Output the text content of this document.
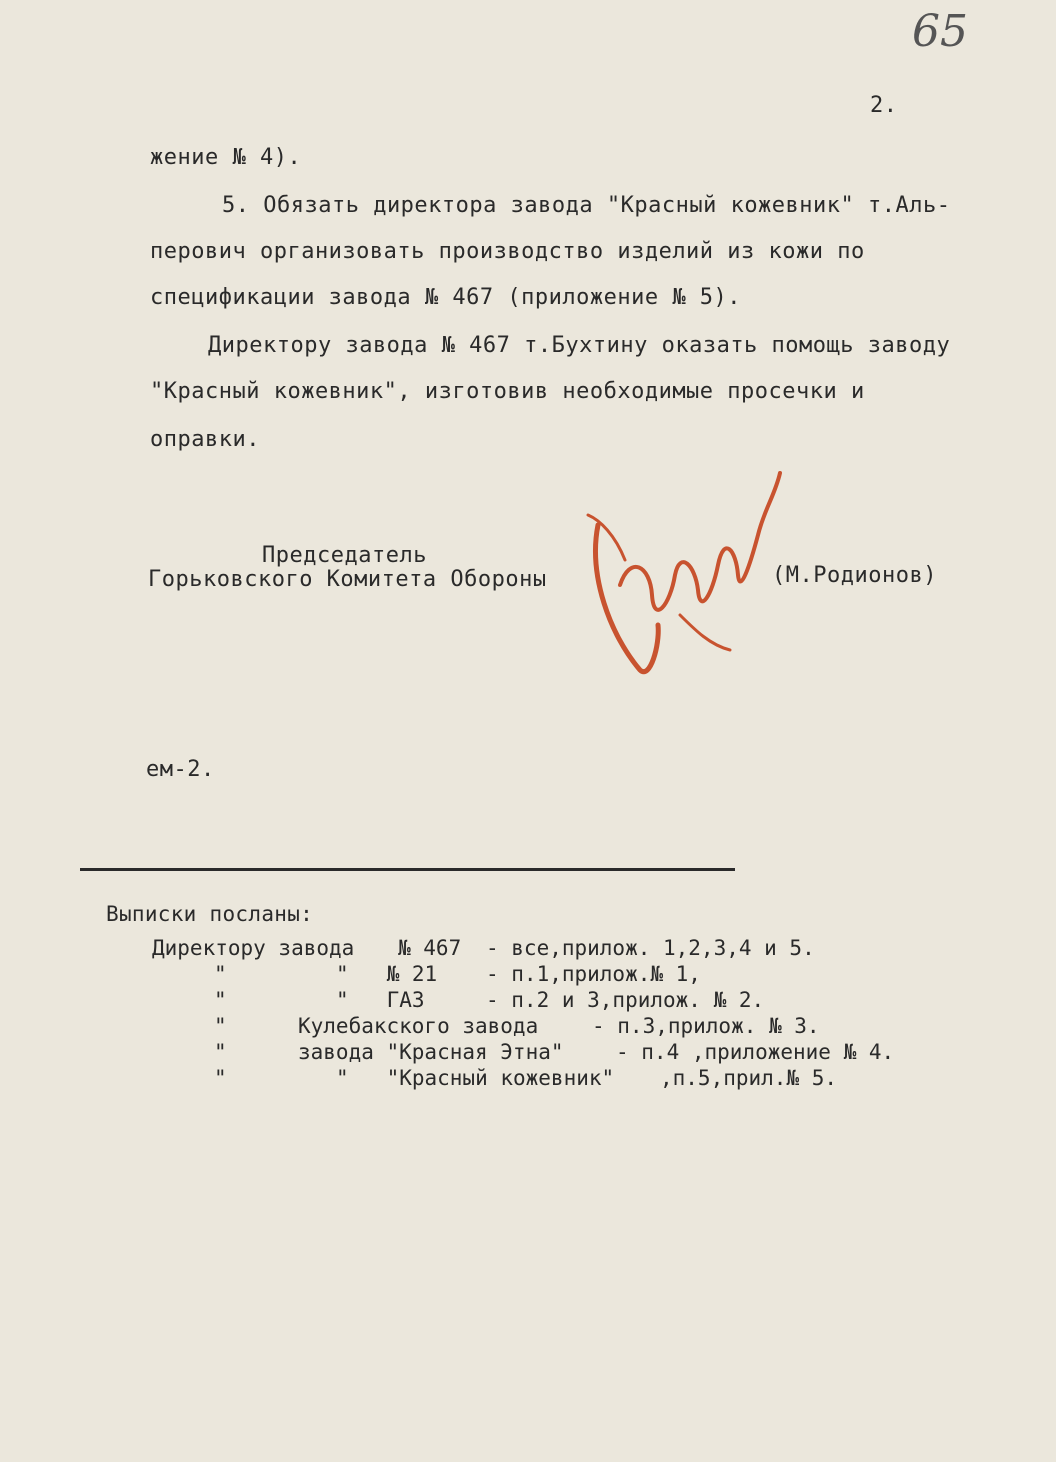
65
2.
жение № 4).
5. Обязать директора завода "Красный кожевник" т.Аль-
перович организовать производство изделий из кожи по
спецификации завода № 467 (приложение № 5).
Директору завода № 467 т.Бухтину оказать помощь заводу
"Красный кожевник", изготовив необходимые просечки и
оправки.
Председатель
Горьковского Комитета Обороны	(М.Родионов)
ем-2.
Выписки посланы:
Директору завода № 467 - все,прилож. 1,2,3,4 и 5.
"	"   № 21 - п.1,прилож.№ 1,
"	"   ГАЗ	- п.2 и 3,прилож. № 2.
"	Кулебакского завода	- п.3,прилож. № 3.
"	завода "Красная Этна" - п.4 ,приложение № 4.
"	"   "Красный кожевник" ,п.5,прил.№ 5.
